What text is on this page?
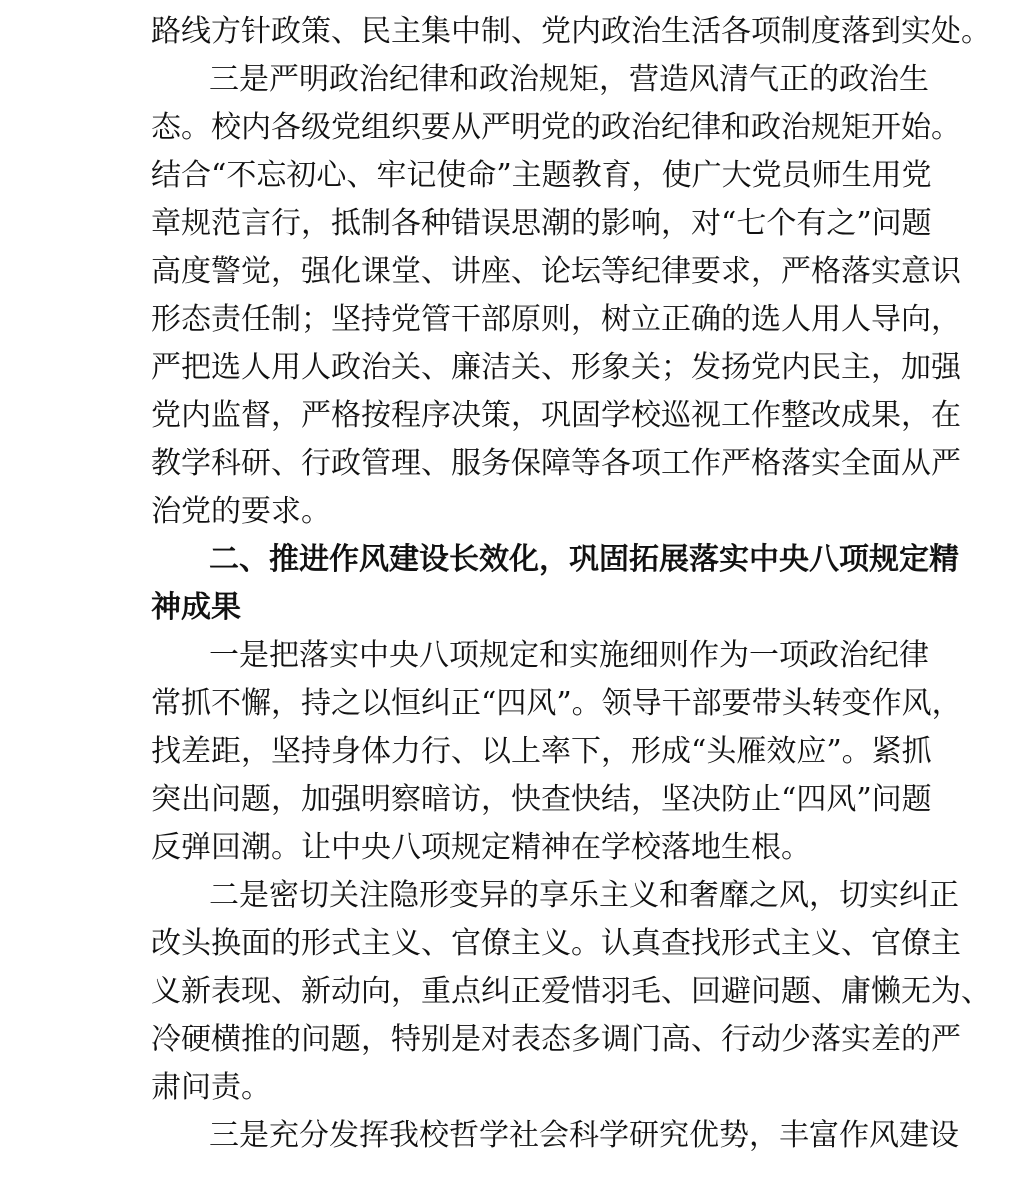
路线方针政策、民主集中制、党内政治生活各项制度落到实处。
三是严明政治纪律和政治规矩，营造风清气正的政治生
态。校内各级党组织要从严明党的政治纪律和政治规矩开始。
结合“不忘初心、牢记使命”主题教育，使广大党员师生用党
章规范言行，抵制各种错误思潮的影响，对“七个有之”问题
高度警觉，强化课堂、讲座、论坛等纪律要求，严格落实意识
形态责任制；坚持党管干部原则，树立正确的选人用人导向，
严把选人用人政治关、廉洁关、形象关；发扬党内民主，加强
党内监督，严格按程序决策，巩固学校巡视工作整改成果，在
教学科研、行政管理、服务保障等各项工作严格落实全面从严
治党的要求。
二、推进作风建设长效化，巩固拓展落实中央八项规定精
神成果
一是把落实中央八项规定和实施细则作为一项政治纪律
常抓不懈，持之以恒纠正“四风”。领导干部要带头转变作风，
找差距，坚持身体力行、以上率下，形成“头雁效应”。紧抓
突出问题，加强明察暗访，快查快结，坚决防止“四风”问题
反弹回潮。让中央八项规定精神在学校落地生根。
二是密切关注隐形变异的享乐主义和奢靡之风，切实纠正
改头换面的形式主义、官僚主义。认真查找形式主义、官僚主
义新表现、新动向，重点纠正爱惜羽毛、回避问题、庸懒无为、
冷硬横推的问题，特别是对表态多调门高、行动少落实差的严
肃问责。
三是充分发挥我校哲学社会科学研究优势，丰富作风建设
